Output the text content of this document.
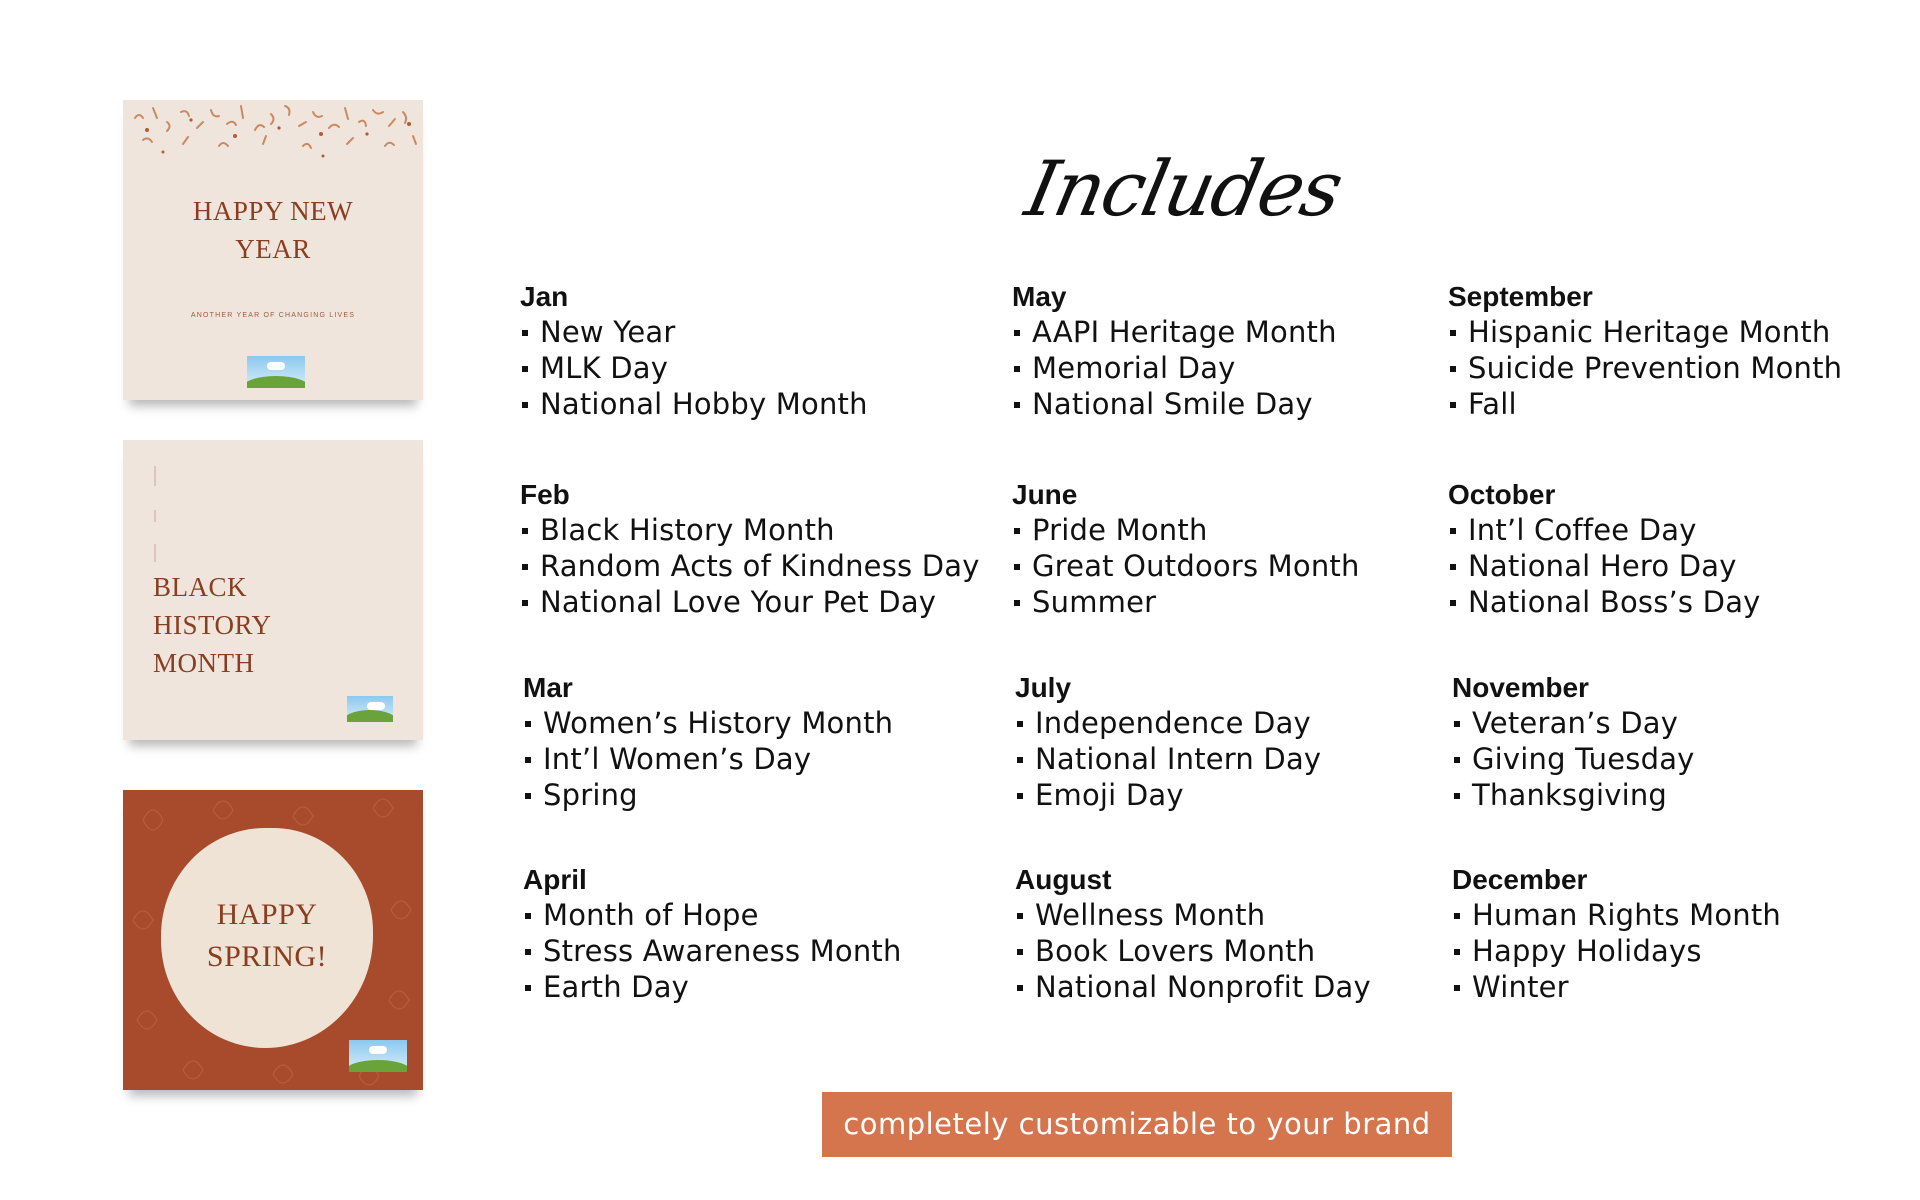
HAPPY NEW
YEAR
ANOTHER YEAR OF CHANGING LIVES
BLACK
HISTORY
MONTH
HAPPY
SPRING!
Includes
Jan
New Year
MLK Day
National Hobby Month
May
AAPI Heritage Month
Memorial Day
National Smile Day
September
Hispanic Heritage Month
Suicide Prevention Month
Fall
Feb
Black History Month
Random Acts of Kindness Day
National Love Your Pet Day
June
Pride Month
Great Outdoors Month
Summer
October
Int’l Coffee Day
National Hero Day
National Boss’s Day
Mar
Women’s History Month
Int’l Women’s Day
Spring
July
Independence Day
National Intern Day
Emoji Day
November
Veteran’s Day
Giving Tuesday
Thanksgiving
April
Month of Hope
Stress Awareness Month
Earth Day
August
Wellness Month
Book Lovers Month
National Nonprofit Day
December
Human Rights Month
Happy Holidays
Winter
completely customizable to your brand
